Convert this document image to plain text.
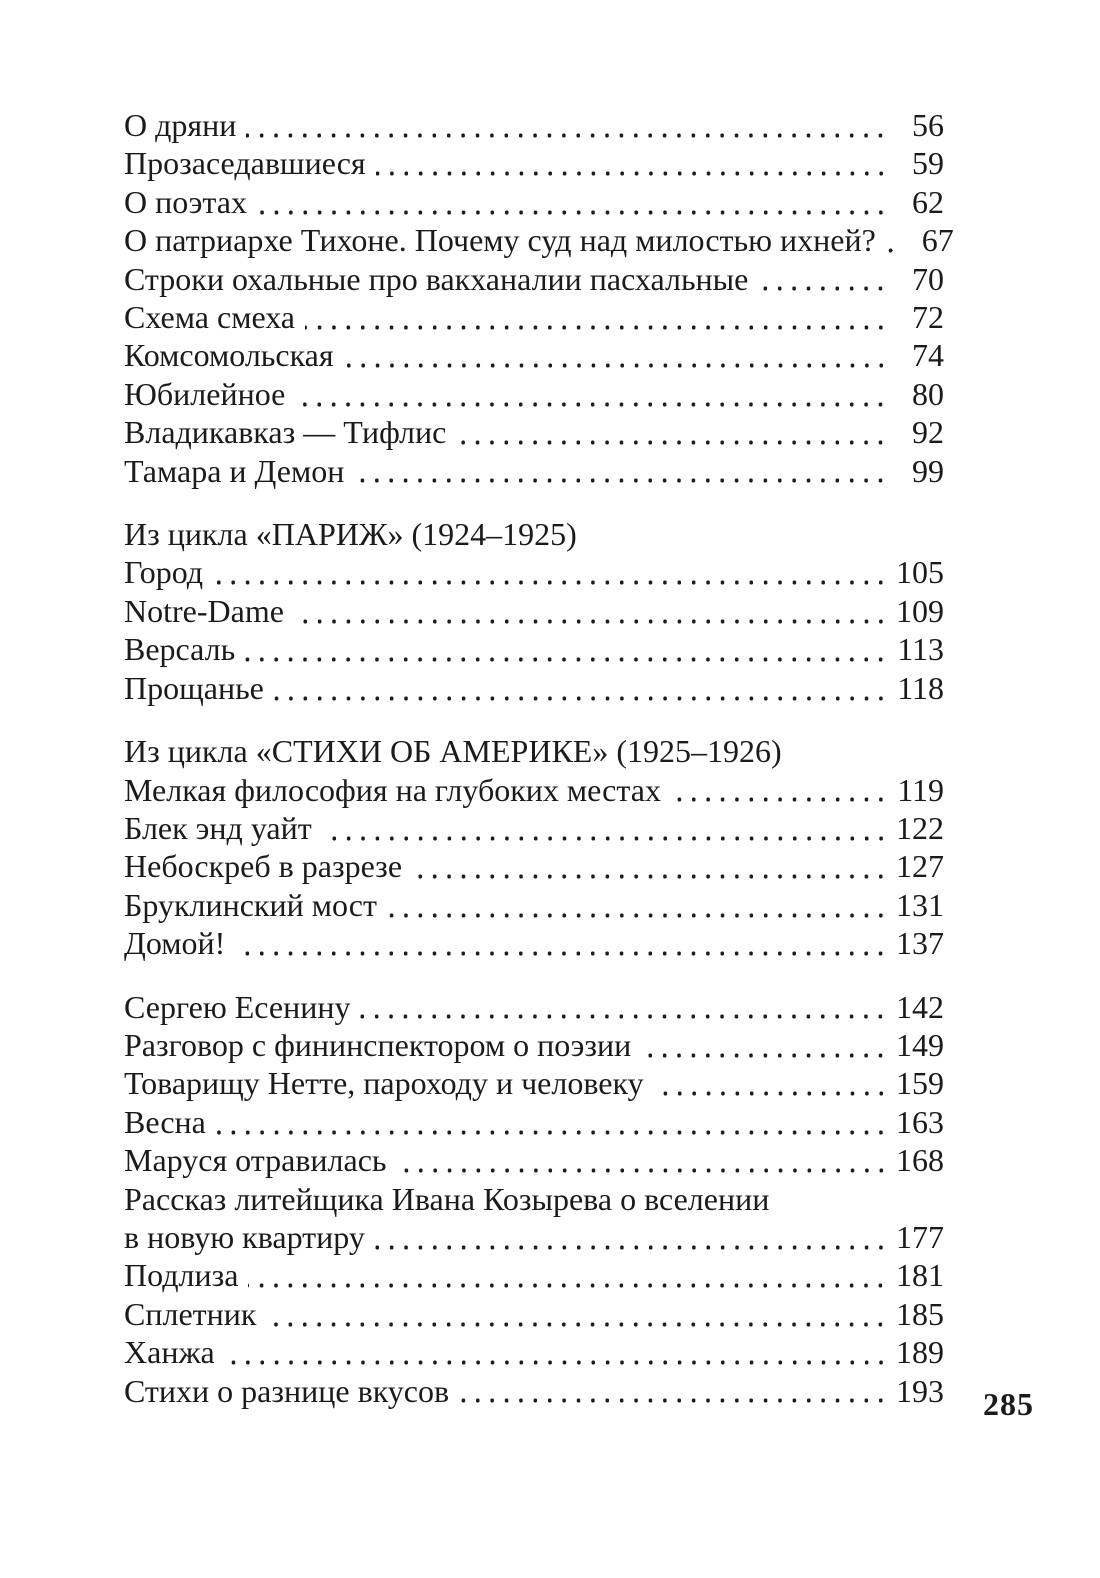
О дряни	56
Прозаседавшиеся	59
О поэтах	62
О патриархе Тихоне. Почему суд над милостью ихней?	67
Строки охальные про вакханалии пасхальные	70
Схема смеха	72
Комсомольская	74
Юбилейное	80
Владикавказ — Тифлис	92
Тамара и Демон	99
Из цикла «ПАРИЖ» (1924–1925)
Город	105
Notre-Dame	109
Версаль	113
Прощанье	118
Из цикла «СТИХИ ОБ АМЕРИКЕ» (1925–1926)
Мелкая философия на глубоких местах	119
Блек энд уайт	122
Небоскреб в разрезе	127
Бруклинский мост	131
Домой!	137
Сергею Есенину	142
Разговор с фининспектором о поэзии	149
Товарищу Нетте, пароходу и человеку	159
Весна	163
Маруся отравилась	168
Рассказ литейщика Ивана Козырева о вселении
в новую квартиру	177
Подлиза	181
Сплетник	185
Ханжа	189
Стихи о разнице вкусов	193 285
